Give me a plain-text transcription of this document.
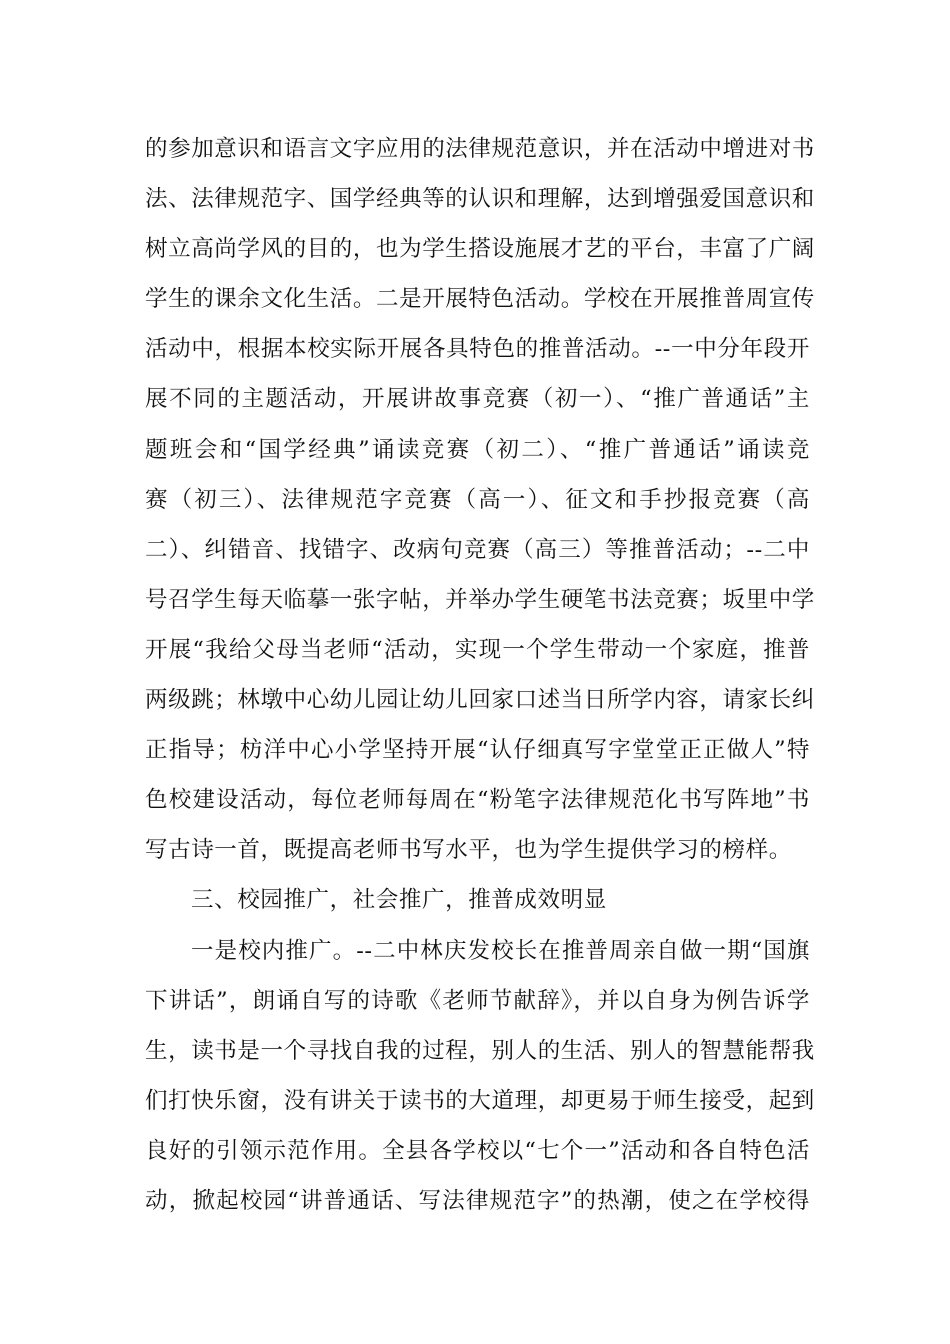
的参加意识和语言文字应用的法律规范意识，并在活动中增进对书
法、法律规范字、国学经典等的认识和理解，达到增强爱国意识和
树立高尚学风的目的，也为学生搭设施展才艺的平台，丰富了广阔
学生的课余文化生活。二是开展特色活动。学校在开展推普周宣传
活动中，根据本校实际开展各具特色的推普活动。--一中分年段开
展不同的主题活动，开展讲故事竞赛（初一）、“推广普通话”主
题班会和“国学经典”诵读竞赛（初二）、“推广普通话”诵读竞
赛（初三）、法律规范字竞赛（高一）、征文和手抄报竞赛（高
二）、纠错音、找错字、改病句竞赛（高三）等推普活动；--二中
号召学生每天临摹一张字帖，并举办学生硬笔书法竞赛；坂里中学
开展“我给父母当老师“活动，实现一个学生带动一个家庭，推普
两级跳；林墩中心幼儿园让幼儿回家口述当日所学内容，请家长纠
正指导；枋洋中心小学坚持开展“认仔细真写字堂堂正正做人”特
色校建设活动，每位老师每周在“粉笔字法律规范化书写阵地”书
写古诗一首，既提高老师书写水平，也为学生提供学习的榜样。
三、校园推广，社会推广，推普成效明显
一是校内推广。--二中林庆发校长在推普周亲自做一期“国旗
下讲话”，朗诵自写的诗歌《老师节献辞》，并以自身为例告诉学
生，读书是一个寻找自我的过程，别人的生活、别人的智慧能帮我
们打快乐窗，没有讲关于读书的大道理，却更易于师生接受，起到
良好的引领示范作用。全县各学校以“七个一”活动和各自特色活
动，掀起校园“讲普通话、写法律规范字”的热潮，使之在学校得
